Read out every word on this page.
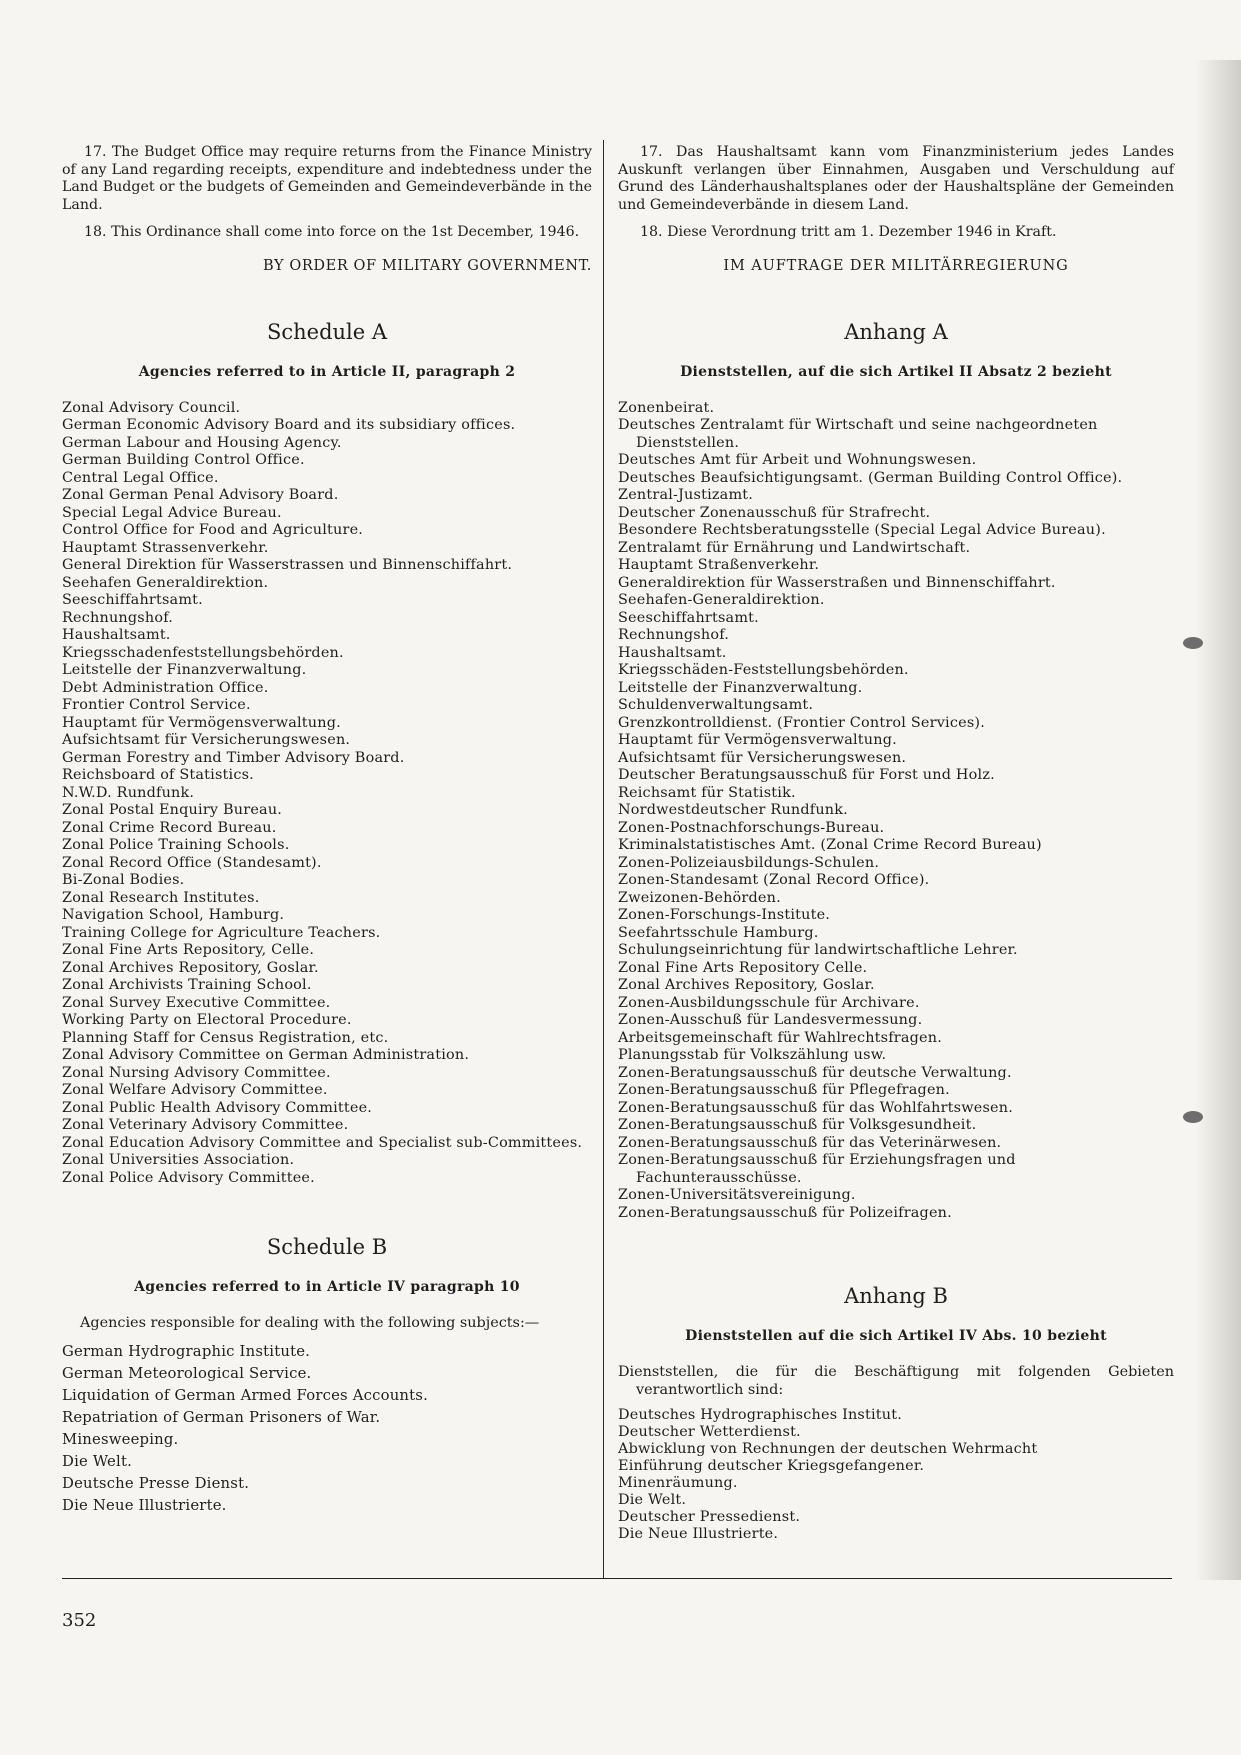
17. The Budget Office may require returns from the Finance Ministry of any Land regarding receipts, expenditure and indebtedness under the Land Budget or the budgets of Gemeinden and Gemeindeverbände in the Land.

18. This Ordinance shall come into force on the 1st December, 1946.

BY ORDER OF MILITARY GOVERNMENT.
Schedule A
Agencies referred to in Article II, paragraph 2
Zonal Advisory Council.
German Economic Advisory Board and its subsidiary offices.
German Labour and Housing Agency.
German Building Control Office.
Central Legal Office.
Zonal German Penal Advisory Board.
Special Legal Advice Bureau.
Control Office for Food and Agriculture.
Hauptamt Strassenverkehr.
General Direktion für Wasserstrassen und Binnenschiffahrt.
Seehafen Generaldirektion.
Seeschiffahrtsamt.
Rechnungshof.
Haushaltsamt.
Kriegsschadenfeststellungsbehörden.
Leitstelle der Finanzverwaltung.
Debt Administration Office.
Frontier Control Service.
Hauptamt für Vermögensverwaltung.
Aufsichtsamt für Versicherungswesen.
German Forestry and Timber Advisory Board.
Reichsboard of Statistics.
N.W.D. Rundfunk.
Zonal Postal Enquiry Bureau.
Zonal Crime Record Bureau.
Zonal Police Training Schools.
Zonal Record Office (Standesamt).
Bi-Zonal Bodies.
Zonal Research Institutes.
Navigation School, Hamburg.
Training College for Agriculture Teachers.
Zonal Fine Arts Repository, Celle.
Zonal Archives Repository, Goslar.
Zonal Archivists Training School.
Zonal Survey Executive Committee.
Working Party on Electoral Procedure.
Planning Staff for Census Registration, etc.
Zonal Advisory Committee on German Administration.
Zonal Nursing Advisory Committee.
Zonal Welfare Advisory Committee.
Zonal Public Health Advisory Committee.
Zonal Veterinary Advisory Committee.
Zonal Education Advisory Committee and Specialist sub-Committees.
Zonal Universities Association.
Zonal Police Advisory Committee.
Schedule B
Agencies referred to in Article IV paragraph 10

Agencies responsible for dealing with the following subjects:—

German Hydrographic Institute.
German Meteorological Service.
Liquidation of German Armed Forces Accounts.
Repatriation of German Prisoners of War.
Minesweeping.
Die Welt.
Deutsche Presse Dienst.
Die Neue Illustrierte.

17. Das Haushaltsamt kann vom Finanzministerium jedes Landes Auskunft verlangen über Einnahmen, Ausgaben und Verschuldung auf Grund des Länderhaushaltsplanes oder der Haushaltspläne der Gemeinden und Gemeindeverbände in diesem Land.

18. Diese Verordnung tritt am 1. Dezember 1946 in Kraft.

IM AUFTRAGE DER MILITÄRREGIERUNG
Anhang A
Dienststellen, auf die sich Artikel II Absatz 2 bezieht
Zonenbeirat.
Deutsches Zentralamt für Wirtschaft und seine nachgeordneten Dienststellen.
Deutsches Amt für Arbeit und Wohnungswesen.
Deutsches Beaufsichtigungsamt. (German Building Control Office).
Zentral-Justizamt.
Deutscher Zonenausschuß für Strafrecht.
Besondere Rechtsberatungsstelle (Special Legal Advice Bureau).
Zentralamt für Ernährung und Landwirtschaft.
Hauptamt Straßenverkehr.
Generaldirektion für Wasserstraßen und Binnenschiffahrt.
Seehafen-Generaldirektion.
Seeschiffahrtsamt.
Rechnungshof.
Haushaltsamt.
Kriegsschäden-Feststellungsbehörden.
Leitstelle der Finanzverwaltung.
Schuldenverwaltungsamt.
Grenzkontrolldienst. (Frontier Control Services).
Hauptamt für Vermögensverwaltung.
Aufsichtsamt für Versicherungswesen.
Deutscher Beratungsausschuß für Forst und Holz.
Reichsamt für Statistik.
Nordwestdeutscher Rundfunk.
Zonen-Postnachforschungs-Bureau.
Kriminalstatistisches Amt. (Zonal Crime Record Bureau)
Zonen-Polizeiausbildungs-Schulen.
Zonen-Standesamt (Zonal Record Office).
Zweizonen-Behörden.
Zonen-Forschungs-Institute.
Seefahrtsschule Hamburg.
Schulungseinrichtung für landwirtschaftliche Lehrer.
Zonal Fine Arts Repository Celle.
Zonal Archives Repository, Goslar.
Zonen-Ausbildungsschule für Archivare.
Zonen-Ausschuß für Landesvermessung.
Arbeitsgemeinschaft für Wahlrechtsfragen.
Planungsstab für Volkszählung usw.
Zonen-Beratungsausschuß für deutsche Verwaltung.
Zonen-Beratungsausschuß für Pflegefragen.
Zonen-Beratungsausschuß für das Wohlfahrtswesen.
Zonen-Beratungsausschuß für Volksgesundheit.
Zonen-Beratungsausschuß für das Veterinärwesen.
Zonen-Beratungsausschuß für Erziehungsfragen und Fachunterausschüsse.
Zonen-Universitätsvereinigung.
Zonen-Beratungsausschuß für Polizeifragen.
Anhang B
Dienststellen auf die sich Artikel IV Abs. 10 bezieht

Dienststellen, die für die Beschäftigung mit folgenden Gebieten verantwortlich sind:

Deutsches Hydrographisches Institut.
Deutscher Wetterdienst.
Abwicklung von Rechnungen der deutschen Wehrmacht
Einführung deutscher Kriegsgefangener.
Minenräumung.
Die Welt.
Deutscher Pressedienst.
Die Neue Illustrierte.
352
